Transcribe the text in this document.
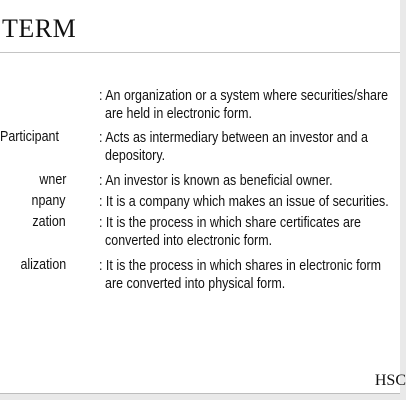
TERM
: An organization or a system where securities/share
are held in electronic form.
Participant	: Acts as intermediary between an investor and a
depository.
wner : An investor is known as beneficial owner.
npany : It is a company which makes an issue of securities.
zation : It is the process in which share certificates are
converted into electronic form.
alization : It is the process in which shares in electronic form
are converted into physical form.
HSC
